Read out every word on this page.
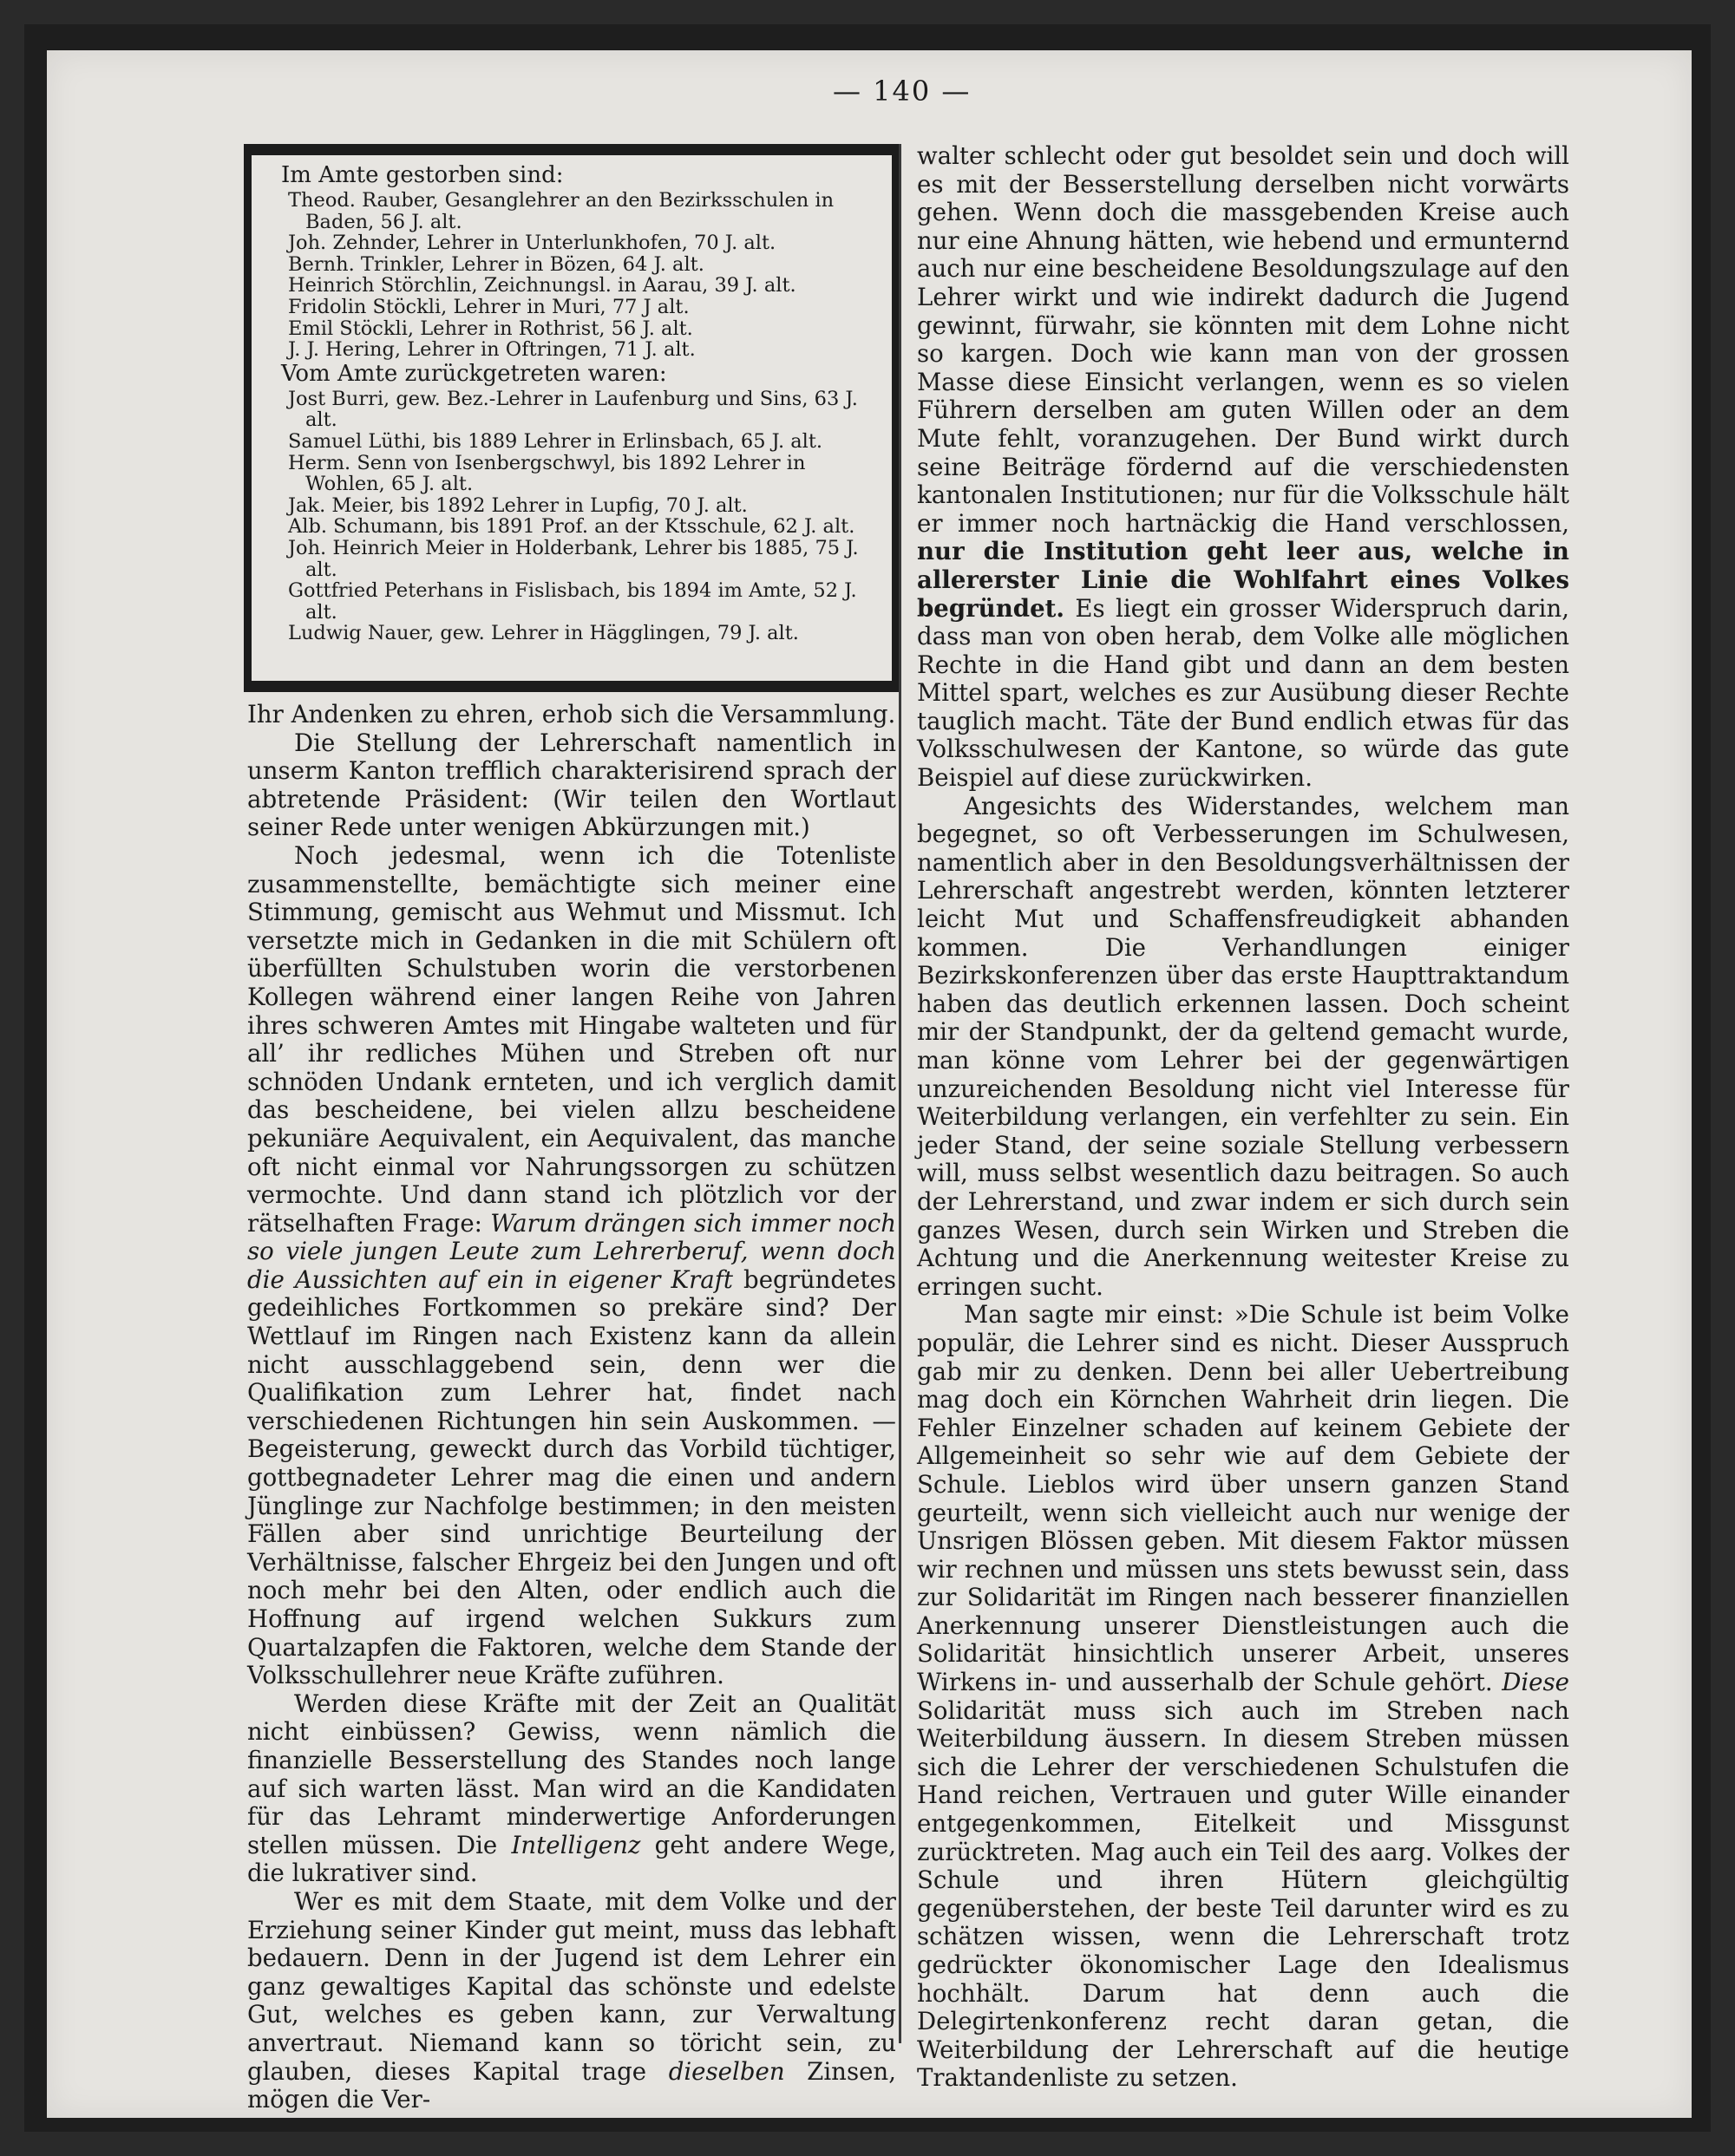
— 140 —

Im Amte gestorben sind:

Theod. Rauber, Gesanglehrer an den Bezirksschulen in Baden, 56 J. alt.

Joh. Zehnder, Lehrer in Unterlunkhofen, 70 J. alt.

Bernh. Trinkler, Lehrer in Bözen, 64 J. alt.

Heinrich Störchlin, Zeichnungsl. in Aarau, 39 J. alt.

Fridolin Stöckli, Lehrer in Muri, 77 J alt.

Emil Stöckli, Lehrer in Rothrist, 56 J. alt.

J. J. Hering, Lehrer in Oftringen, 71 J. alt.

Vom Amte zurückgetreten waren:

Jost Burri, gew. Bez.-Lehrer in Laufenburg und Sins, 63 J. alt.

Samuel Lüthi, bis 1889 Lehrer in Erlinsbach, 65 J. alt.

Herm. Senn von Isenbergschwyl, bis 1892 Lehrer in Wohlen, 65 J. alt.

Jak. Meier, bis 1892 Lehrer in Lupfig, 70 J. alt.

Alb. Schumann, bis 1891 Prof. an der Ktsschule, 62 J. alt.

Joh. Heinrich Meier in Holderbank, Lehrer bis 1885, 75 J. alt.

Gottfried Peterhans in Fislisbach, bis 1894 im Amte, 52 J. alt.

Ludwig Nauer, gew. Lehrer in Hägglingen, 79 J. alt.

Ihr Andenken zu ehren, erhob sich die Versammlung.

Die Stellung der Lehrerschaft namentlich in unserm Kanton trefflich charakterisirend sprach der abtretende Präsident: (Wir teilen den Wortlaut seiner Rede unter wenigen Abkürzungen mit.)

Noch jedesmal, wenn ich die Totenliste zusammenstellte, bemächtigte sich meiner eine Stimmung, gemischt aus Wehmut und Missmut. Ich versetzte mich in Gedanken in die mit Schülern oft überfüllten Schulstuben worin die verstorbenen Kollegen während einer langen Reihe von Jahren ihres schweren Amtes mit Hingabe walteten und für all’ ihr redliches Mühen und Streben oft nur schnöden Undank ernteten, und ich verglich damit das bescheidene, bei vielen allzu bescheidene pekuniäre Aequivalent, ein Aequivalent, das manche oft nicht einmal vor Nahrungssorgen zu schützen vermochte. Und dann stand ich plötzlich vor der rätselhaften Frage: Warum drängen sich immer noch so viele jungen Leute zum Lehrerberuf, wenn doch die Aussichten auf ein in eigener Kraft begründetes gedeihliches Fortkommen so prekäre sind? Der Wettlauf im Ringen nach Existenz kann da allein nicht ausschlaggebend sein, denn wer die Qualifikation zum Lehrer hat, findet nach verschiedenen Richtungen hin sein Auskommen. — Begeisterung, geweckt durch das Vorbild tüchtiger, gottbegnadeter Lehrer mag die einen und andern Jünglinge zur Nachfolge bestimmen; in den meisten Fällen aber sind unrichtige Beurteilung der Verhältnisse, falscher Ehrgeiz bei den Jungen und oft noch mehr bei den Alten, oder endlich auch die Hoffnung auf irgend welchen Sukkurs zum Quartalzapfen die Faktoren, welche dem Stande der Volksschullehrer neue Kräfte zuführen.

Werden diese Kräfte mit der Zeit an Qualität nicht einbüssen? Gewiss, wenn nämlich die finanzielle Besserstellung des Standes noch lange auf sich warten lässt. Man wird an die Kandidaten für das Lehramt minderwertige Anforderungen stellen müssen. Die Intelligenz geht andere Wege, die lukrativer sind.

Wer es mit dem Staate, mit dem Volke und der Erziehung seiner Kinder gut meint, muss das lebhaft bedauern. Denn in der Jugend ist dem Lehrer ein ganz gewaltiges Kapital das schönste und edelste Gut, welches es geben kann, zur Verwaltung anvertraut. Niemand kann so töricht sein, zu glauben, dieses Kapital trage dieselben Zinsen, mögen die Ver-

walter schlecht oder gut besoldet sein und doch will es mit der Besserstellung derselben nicht vorwärts gehen. Wenn doch die massgebenden Kreise auch nur eine Ahnung hätten, wie hebend und ermunternd auch nur eine bescheidene Besoldungszulage auf den Lehrer wirkt und wie indirekt dadurch die Jugend gewinnt, fürwahr, sie könnten mit dem Lohne nicht so kargen. Doch wie kann man von der grossen Masse diese Einsicht verlangen, wenn es so vielen Führern derselben am guten Willen oder an dem Mute fehlt, voranzugehen. Der Bund wirkt durch seine Beiträge fördernd auf die verschiedensten kantonalen Institutionen; nur für die Volksschule hält er immer noch hartnäckig die Hand verschlossen, nur die Institution geht leer aus, welche in allererster Linie die Wohlfahrt eines Volkes begründet. Es liegt ein grosser Widerspruch darin, dass man von oben herab, dem Volke alle möglichen Rechte in die Hand gibt und dann an dem besten Mittel spart, welches es zur Ausübung dieser Rechte tauglich macht. Täte der Bund endlich etwas für das Volksschulwesen der Kantone, so würde das gute Beispiel auf diese zurückwirken.

Angesichts des Widerstandes, welchem man begegnet, so oft Verbesserungen im Schulwesen, namentlich aber in den Besoldungsverhältnissen der Lehrerschaft angestrebt werden, könnten letzterer leicht Mut und Schaffensfreudigkeit abhanden kommen. Die Verhandlungen einiger Bezirkskonferenzen über das erste Haupttraktandum haben das deutlich erkennen lassen. Doch scheint mir der Standpunkt, der da geltend gemacht wurde, man könne vom Lehrer bei der gegenwärtigen unzureichenden Besoldung nicht viel Interesse für Weiterbildung verlangen, ein verfehlter zu sein. Ein jeder Stand, der seine soziale Stellung verbessern will, muss selbst wesentlich dazu beitragen. So auch der Lehrerstand, und zwar indem er sich durch sein ganzes Wesen, durch sein Wirken und Streben die Achtung und die Anerkennung weitester Kreise zu erringen sucht.

Man sagte mir einst: »Die Schule ist beim Volke populär, die Lehrer sind es nicht. Dieser Ausspruch gab mir zu denken. Denn bei aller Uebertreibung mag doch ein Körnchen Wahrheit drin liegen. Die Fehler Einzelner schaden auf keinem Gebiete der Allgemeinheit so sehr wie auf dem Gebiete der Schule. Lieblos wird über unsern ganzen Stand geurteilt, wenn sich vielleicht auch nur wenige der Unsrigen Blössen geben. Mit diesem Faktor müssen wir rechnen und müssen uns stets bewusst sein, dass zur Solidarität im Ringen nach besserer finanziellen Anerkennung unserer Dienstleistungen auch die Solidarität hinsichtlich unserer Arbeit, unseres Wirkens in- und ausserhalb der Schule gehört. Diese Solidarität muss sich auch im Streben nach Weiterbildung äussern. In diesem Streben müssen sich die Lehrer der verschiedenen Schulstufen die Hand reichen, Vertrauen und guter Wille einander entgegenkommen, Eitelkeit und Missgunst zurücktreten. Mag auch ein Teil des aarg. Volkes der Schule und ihren Hütern gleichgültig gegenüberstehen, der beste Teil darunter wird es zu schätzen wissen, wenn die Lehrerschaft trotz gedrückter ökonomischer Lage den Idealismus hochhält. Darum hat denn auch die Delegirtenkonferenz recht daran getan, die Weiterbildung der Lehrerschaft auf die heutige Traktandenliste zu setzen.
